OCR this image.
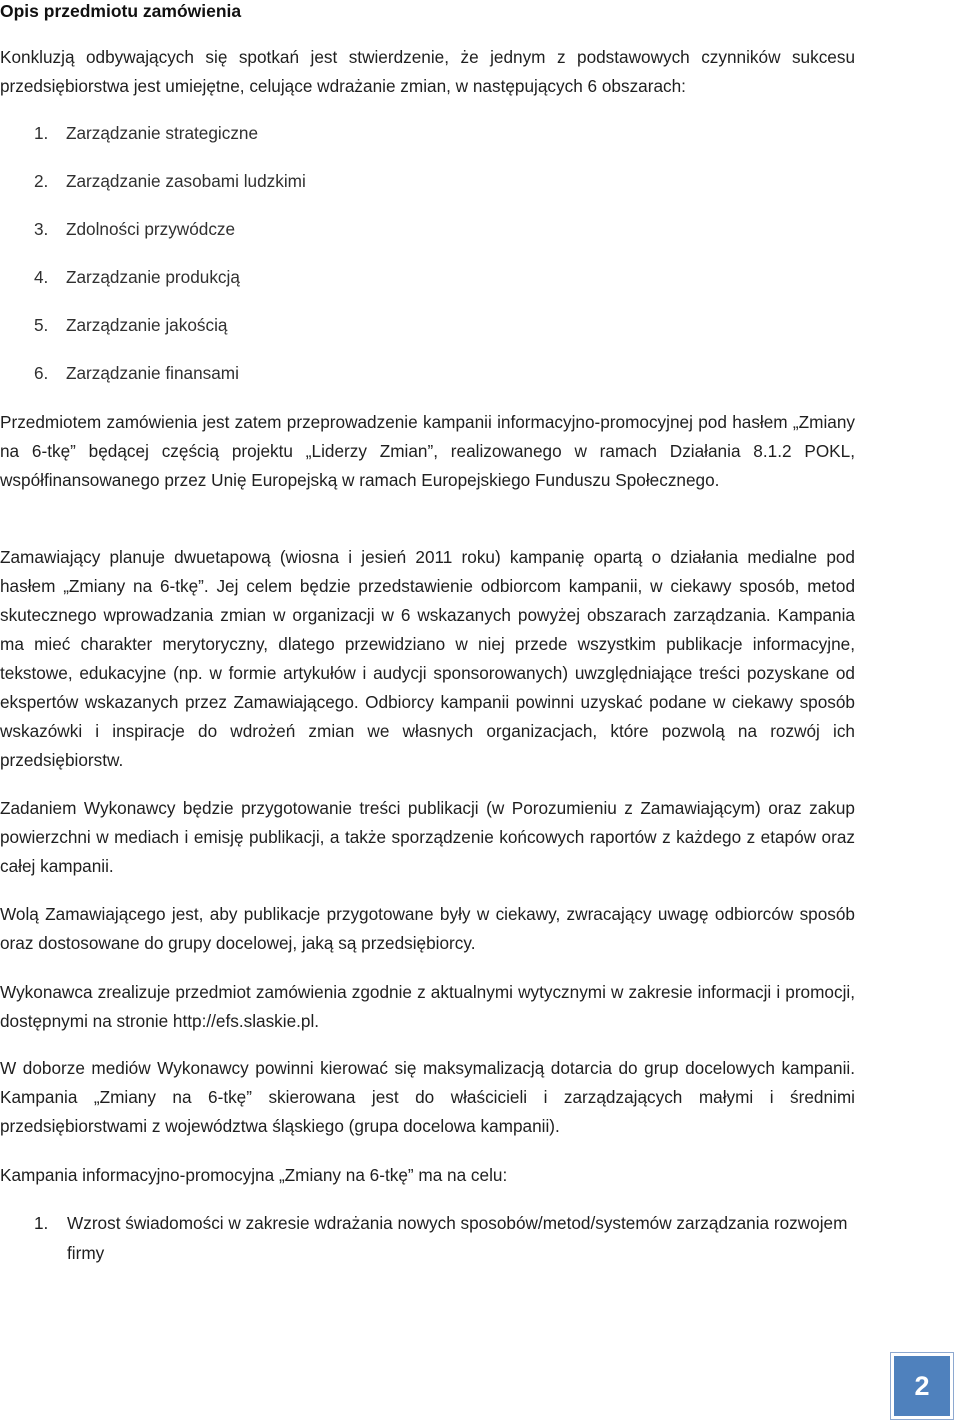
Opis przedmiotu zamówienia

Konkluzją odbywających się spotkań jest stwierdzenie, że jednym z podstawowych czynników sukcesu przedsiębiorstwa jest umiejętne, celujące wdrażanie zmian, w następujących 6 obszarach:

1. Zarządzanie strategiczne
2. Zarządzanie zasobami ludzkimi
3. Zdolności przywódcze
4. Zarządzanie produkcją
5. Zarządzanie jakością
6. Zarządzanie finansami

Przedmiotem zamówienia jest zatem przeprowadzenie kampanii informacyjno-promocyjnej pod hasłem „Zmiany na 6-tkę” będącej częścią projektu „Liderzy Zmian”, realizowanego w ramach Działania 8.1.2 POKL, współfinansowanego przez Unię Europejską w ramach Europejskiego Funduszu Społecznego.

Zamawiający planuje dwuetapową (wiosna i jesień 2011 roku) kampanię opartą o działania medialne pod hasłem „Zmiany na 6-tkę”. Jej celem będzie przedstawienie odbiorcom kampanii, w ciekawy sposób, metod skutecznego wprowadzania zmian w organizacji w 6 wskazanych powyżej obszarach zarządzania. Kampania ma mieć charakter merytoryczny, dlatego przewidziano w niej przede wszystkim publikacje informacyjne, tekstowe, edukacyjne (np. w formie artykułów i audycji sponsorowanych) uwzględniające treści pozyskane od ekspertów wskazanych przez Zamawiającego. Odbiorcy kampanii powinni uzyskać podane w ciekawy sposób wskazówki i inspiracje do wdrożeń zmian we własnych organizacjach, które pozwolą na rozwój ich przedsiębiorstw.

Zadaniem Wykonawcy będzie przygotowanie treści publikacji (w Porozumieniu z Zamawiającym) oraz zakup powierzchni w mediach i emisję publikacji, a także sporządzenie końcowych raportów z każdego z etapów oraz całej kampanii.

Wolą Zamawiającego jest, aby publikacje przygotowane były w ciekawy, zwracający uwagę odbiorców sposób oraz dostosowane do grupy docelowej, jaką są przedsiębiorcy.

Wykonawca zrealizuje przedmiot zamówienia zgodnie z aktualnymi wytycznymi w zakresie informacji i promocji, dostępnymi na stronie http://efs.slaskie.pl.

W doborze mediów Wykonawcy powinni kierować się maksymalizacją dotarcia do grup docelowych kampanii. Kampania „Zmiany na 6-tkę” skierowana jest do właścicieli i zarządzających małymi i średnimi przedsiębiorstwami z województwa śląskiego (grupa docelowa kampanii).

Kampania informacyjno-promocyjna „Zmiany na 6-tkę” ma na celu:

1. Wzrost świadomości w zakresie wdrażania nowych sposobów/metod/systemów zarządzania rozwojem firmy
2
